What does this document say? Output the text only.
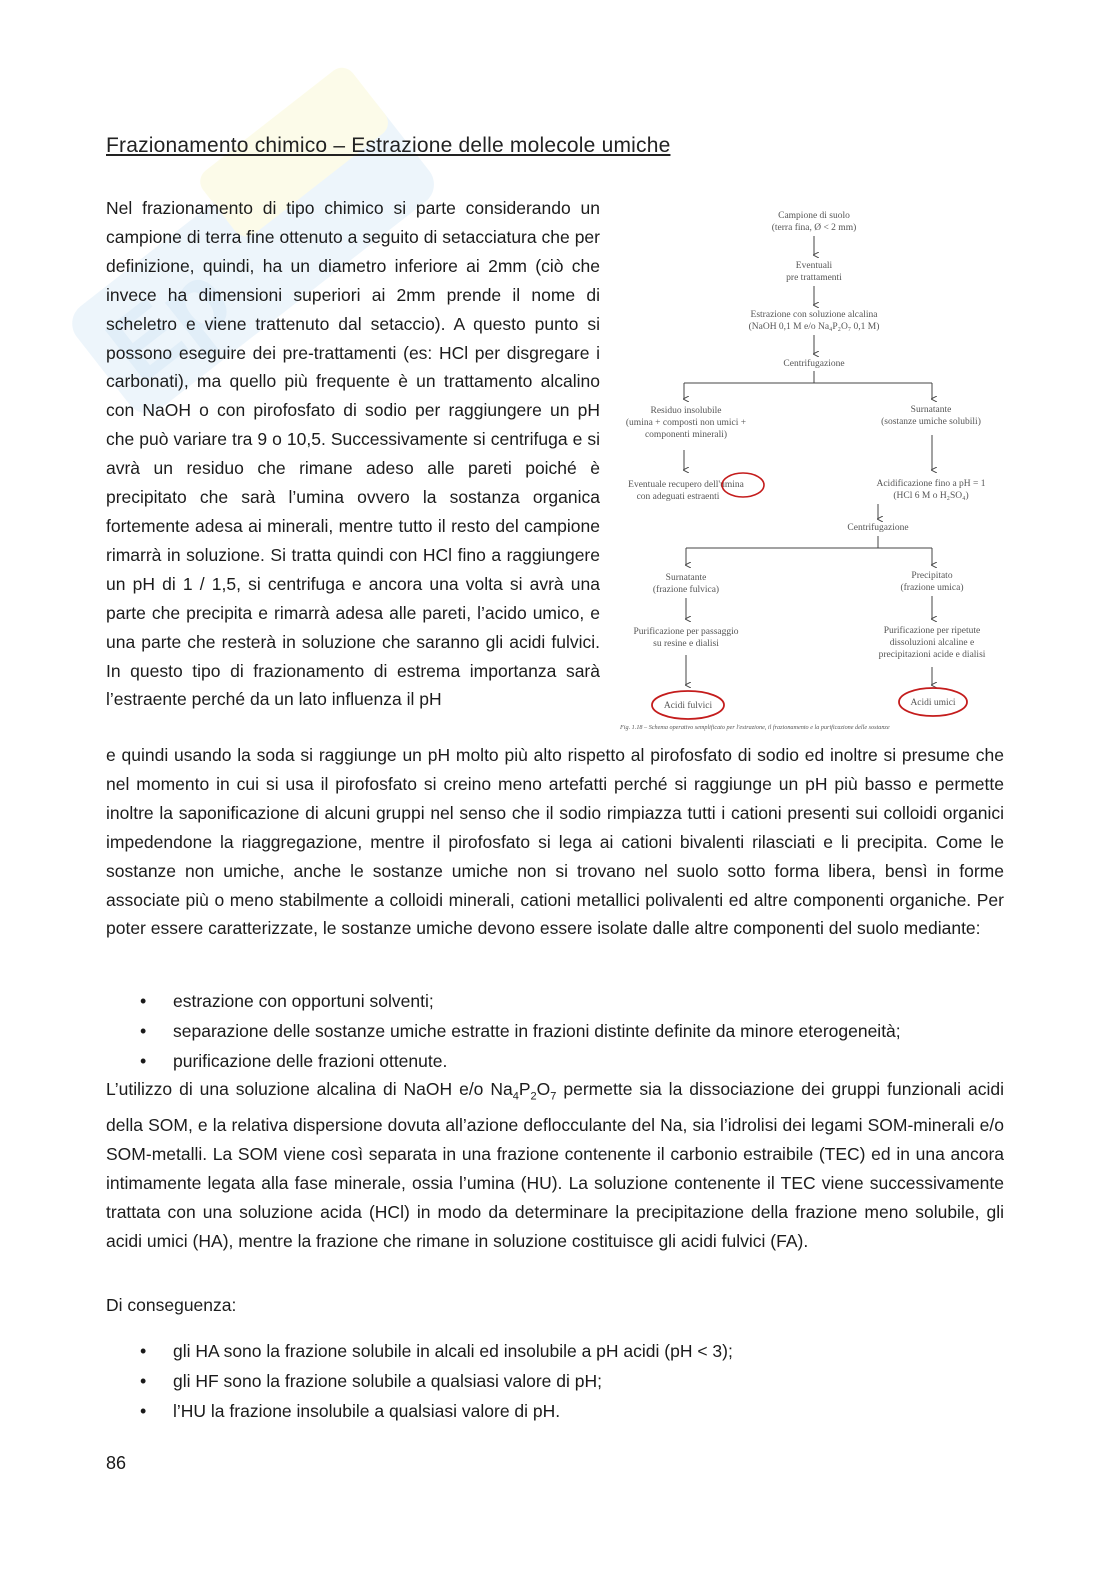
Ep
Frazionamento chimico – Estrazione delle molecole umiche
Nel frazionamento di tipo chimico si parte considerando un campione di terra fine ottenuto a seguito di setacciatura che per definizione, quindi, ha un diametro inferiore ai 2mm (ciò che invece ha dimensioni superiori ai 2mm prende il nome di scheletro e viene trattenuto dal setaccio). A questo punto si possono eseguire dei pre-trattamenti (es: HCl per disgregare i carbonati), ma quello più frequente è un trattamento alcalino con NaOH o con pirofosfato di sodio per raggiungere un pH che può variare tra 9 o 10,5. Successivamente si centrifuga e si avrà un residuo che rimane adeso alle pareti poiché è precipitato che sarà l’umina ovvero la sostanza organica fortemente adesa ai minerali, mentre tutto il resto del campione rimarrà in soluzione. Si tratta quindi con HCl fino a raggiungere un pH di 1 / 1,5, si centrifuga e ancora una volta si avrà una parte che precipita e rimarrà adesa alle pareti, l’acido umico, e una parte che resterà in soluzione che saranno gli acidi fulvici. In questo tipo di frazionamento di estrema importanza sarà l’estraente perché da un lato influenza il pH
Campione di suolo
(terra fina, Ø < 2 mm)
Eventuali
pre trattamenti
Estrazione con soluzione alcalina
(NaOH 0,1 M e/o Na₄P₂O₇ 0,1 M)
Centrifugazione
Residuo insolubile
(umina + composti non umici +
componenti minerali)
Surnatante
(sostanze umiche solubili)
Eventuale recupero dell'umina
con adeguati estraenti
Acidificazione fino a pH = 1
(HCl 6 M o H₂SO₄)
Centrifugazione
Surnatante
(frazione fulvica)
Precipitato
(frazione umica)
Purificazione per passaggio
su resine e dialisi
Purificazione per ripetute
dissoluzioni alcaline e
precipitazioni acide e dialisi
Acidi fulvici	Acidi umici
Fig. 1.18 – Schema operativo semplificato per l'estrazione, il frazionamento e la purificazione delle sostanze
e quindi usando la soda si raggiunge un pH molto più alto rispetto al pirofosfato di sodio ed inoltre si presume che nel momento in cui si usa il pirofosfato si creino meno artefatti perché si raggiunge un pH più basso e permette inoltre la saponificazione di alcuni gruppi nel senso che il sodio rimpiazza tutti i cationi presenti sui colloidi organici impedendone la riaggregazione, mentre il pirofosfato si lega ai cationi bivalenti rilasciati e li precipita. Come le sostanze non umiche, anche le sostanze umiche non si trovano nel suolo sotto forma libera, bensì in forme associate più o meno stabilmente a colloidi minerali, cationi metallici polivalenti ed altre componenti organiche. Per poter essere caratterizzate, le sostanze umiche devono essere isolate dalle altre componenti del suolo mediante:
• estrazione con opportuni solventi;
• separazione delle sostanze umiche estratte in frazioni distinte definite da minore eterogeneità;
• purificazione delle frazioni ottenute.
L’utilizzo di una soluzione alcalina di NaOH e/o $Na_4P_2O_7$ permette sia la dissociazione dei gruppi funzionali acidi della SOM, e la relativa dispersione dovuta all’azione deflocculante del Na, sia l’idrolisi dei legami SOM-minerali e/o SOM-metalli. La SOM viene così separata in una frazione contenente il carbonio estraibile (TEC) ed in una ancora intimamente legata alla fase minerale, ossia l’umina (HU). La soluzione contenente il TEC viene successivamente trattata con una soluzione acida (HCl) in modo da determinare la precipitazione della frazione meno solubile, gli acidi umici (HA), mentre la frazione che rimane in soluzione costituisce gli acidi fulvici (FA).
Di conseguenza:
• gli HA sono la frazione solubile in alcali ed insolubile a pH acidi (pH < 3);
• gli HF sono la frazione solubile a qualsiasi valore di pH;
• l’HU la frazione insolubile a qualsiasi valore di pH.
86
